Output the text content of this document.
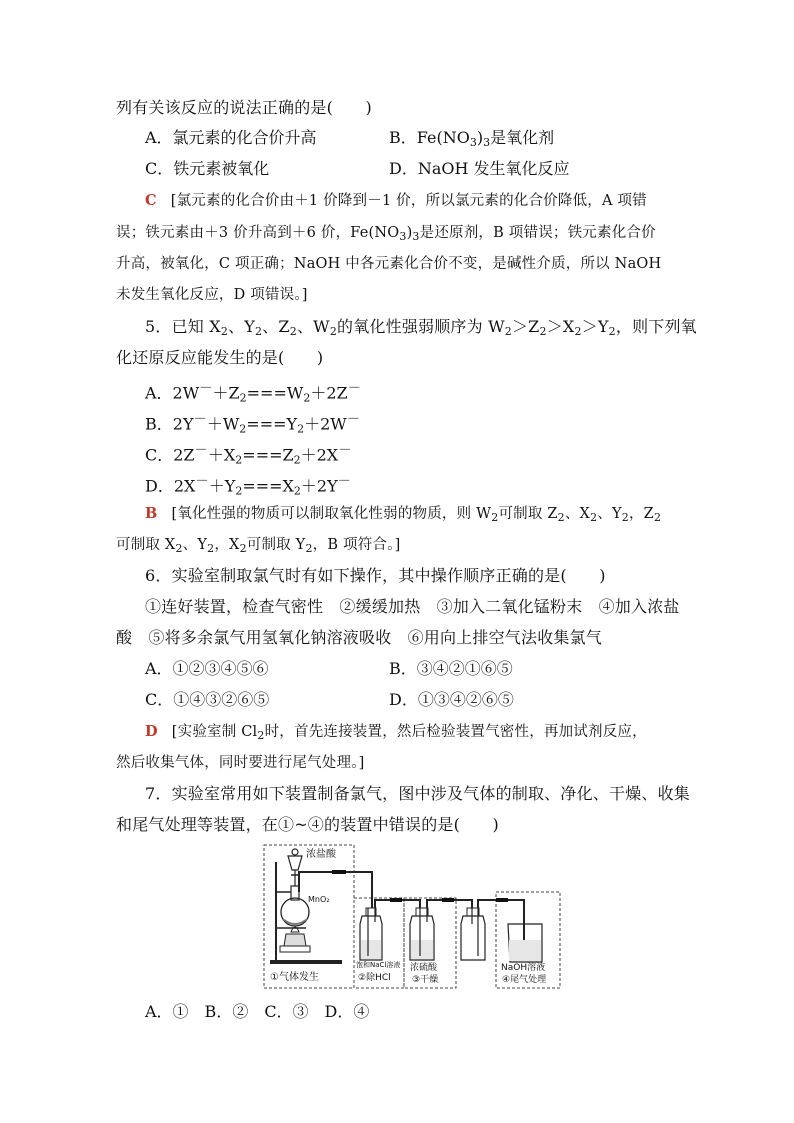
列有关该反应的说法正确的是(　　)
A．氯元素的化合价升高	B．$Fe(NO_3)_3$是氧化剂
C．铁元素被氧化	D．NaOH 发生氧化反应
C [氯元素的化合价由＋1 价降到－1 价，所以氯元素的化合价降低，A 项错
误；铁元素由＋3 价升高到＋6 价，$Fe(NO_3)_3$是还原剂，B 项错误；铁元素化合价
升高，被氧化，C 项正确；NaOH 中各元素化合价不变，是碱性介质，所以 NaOH
未发生氧化反应，D 项错误。]
5．已知 $X_2$、$Y_2$、$Z_2$、$W_2$的氧化性强弱顺序为 $W_2>Z_2>X_2>Y_2$，则下列氧
化还原反应能发生的是(　　)
A．$2W^-+Z_2===W_2+2Z^-$
B．$2Y^-+W_2===Y_2+2W^-$
C．$2Z^-+X_2===Z_2+2X^-$
D．$2X^-+Y_2===X_2+2Y^-$
B [氧化性强的物质可以制取氧化性弱的物质，则 $W_2$可制取 $Z_2$、$X_2$、$Y_2$，$Z_2$
可制取 $X_2$、$Y_2$，$X_2$可制取 $Y_2$，B 项符合。]
6．实验室制取氯气时有如下操作，其中操作顺序正确的是(　　)
①连好装置，检查气密性　②缓缓加热　③加入二氧化锰粉末　④加入浓盐
酸　⑤将多余氯气用氢氧化钠溶液吸收　⑥用向上排空气法收集氯气
A．①②③④⑤⑥	B．③④②①⑥⑤
C．①④③②⑥⑤	D．①③④②⑥⑤
D [实验室制 $Cl_2$时，首先连接装置，然后检验装置气密性，再加试剂反应，
然后收集气体，同时要进行尾气处理。]
7．实验室常用如下装置制备氯气，图中涉及气体的制取、净化、干燥、收集
和尾气处理等装置，在①~④的装置中错误的是(　　)
浓盐酸
MnO₂
①气体发生
饱和NaCl溶液
②除HCl
浓硫酸
③干燥
NaOH溶液
④尾气处理
A．①　B．②　C．③　D．④
